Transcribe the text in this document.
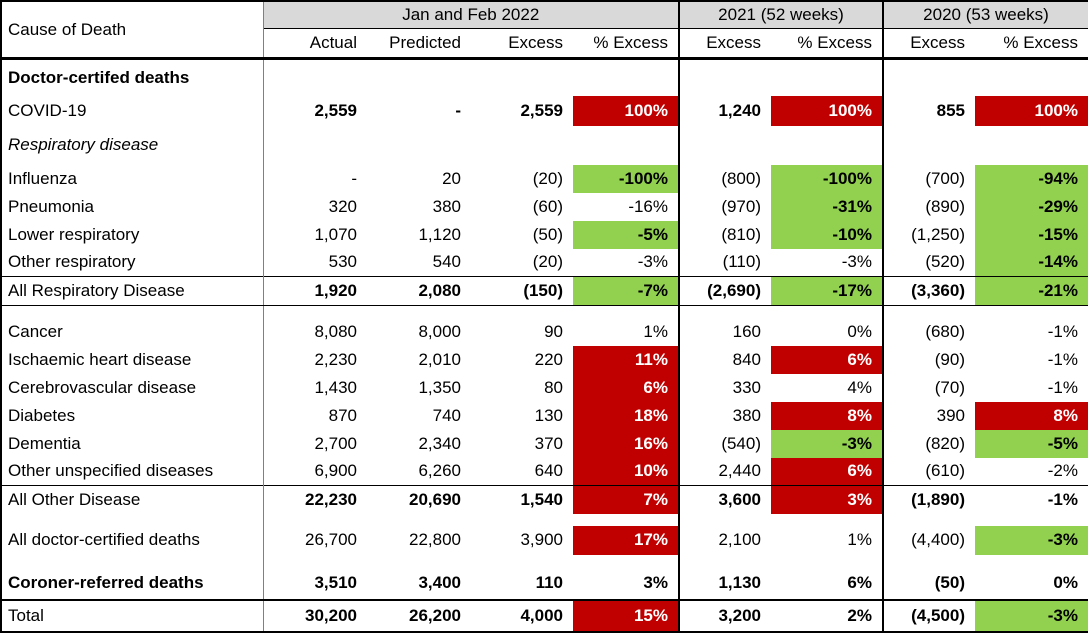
Cause of Death	Jan and Feb 2022				2021 (52 weeks)		2020 (53 weeks)	
	Actual	Predicted	Excess	% Excess	Excess	% Excess	Excess	% Excess
Doctor-certifed deaths								
COVID-19	2,559	-	2,559	100%	1,240	100%	855	100%
Respiratory disease								
Influenza	-	20	(20)	-100%	(800)	-100%	(700)	-94%
Pneumonia	320	380	(60)	-16%	(970)	-31%	(890)	-29%
Lower respiratory	1,070	1,120	(50)	-5%	(810)	-10%	(1,250)	-15%
Other respiratory	530	540	(20)	-3%	(110)	-3%	(520)	-14%
All Respiratory Disease	1,920	2,080	(150)	-7%	(2,690)	-17%	(3,360)	-21%

Cancer	8,080	8,000	90	1%	160	0%	(680)	-1%
Ischaemic heart disease	2,230	2,010	220	11%	840	6%	(90)	-1%
Cerebrovascular disease	1,430	1,350	80	6%	330	4%	(70)	-1%
Diabetes	870	740	130	18%	380	8%	390	8%
Dementia	2,700	2,340	370	16%	(540)	-3%	(820)	-5%
Other unspecified diseases	6,900	6,260	640	10%	2,440	6%	(610)	-2%
All Other Disease	22,230	20,690	1,540	7%	3,600	3%	(1,890)	-1%

All doctor-certified deaths	26,700	22,800	3,900	17%	2,100	1%	(4,400)	-3%

Coroner-referred deaths	3,510	3,400	110	3%	1,130	6%	(50)	0%
Total	30,200	26,200	4,000	15%	3,200	2%	(4,500)	-3%
